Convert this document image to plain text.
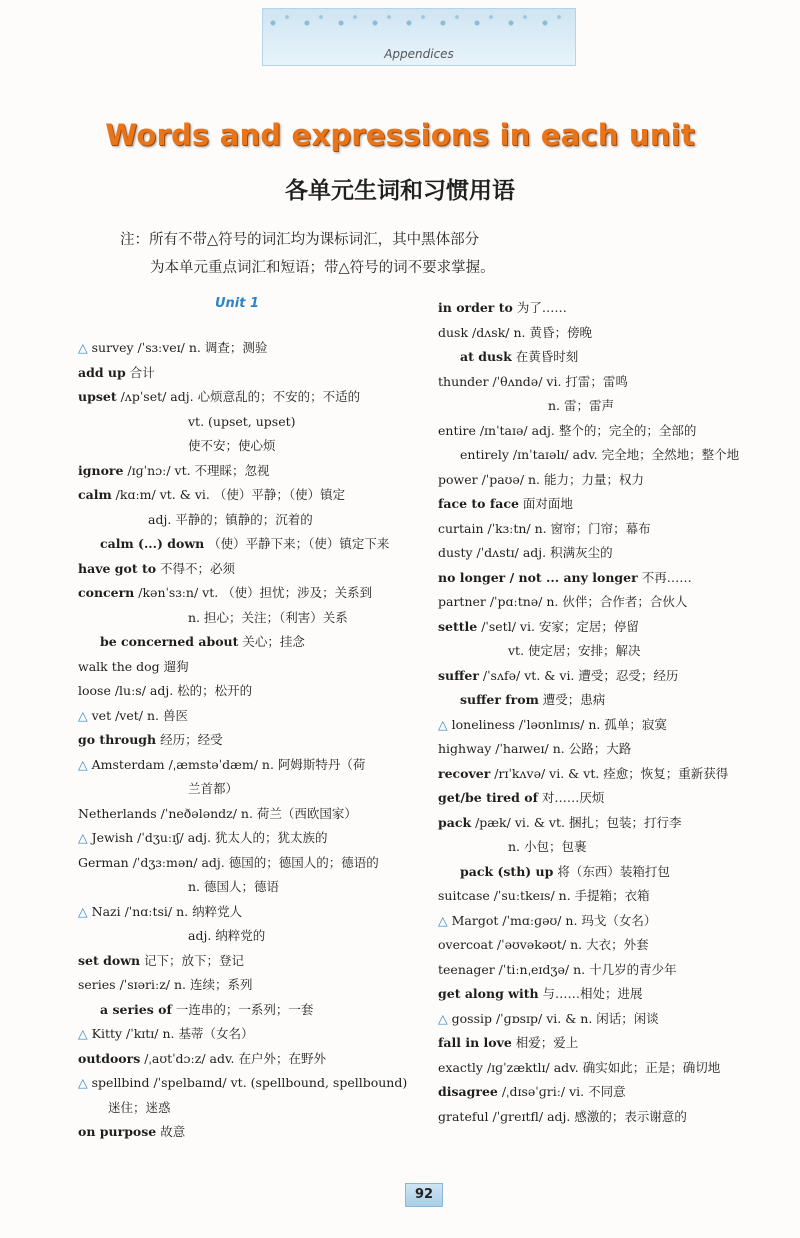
Appendices
Words and expressions in each unit
各单元生词和习惯用语
注：所有不带△符号的词汇均为课标词汇，其中黑体部分
为本单元重点词汇和短语；带△符号的词不要求掌握。
Unit 1
△ survey /ˈsɜːveɪ/ n. 调查；测验
add up 合计
upset /ʌpˈset/ adj. 心烦意乱的；不安的；不适的
vt. (upset, upset)
使不安；使心烦
ignore /ɪɡˈnɔː/ vt. 不理睬；忽视
calm /kɑːm/ vt. & vi. （使）平静；（使）镇定
adj. 平静的；镇静的；沉着的
calm (...) down （使）平静下来；（使）镇定下来
have got to 不得不；必须
concern /kənˈsɜːn/ vt. （使）担忧；涉及；关系到
n. 担心；关注；（利害）关系
be concerned about 关心；挂念
walk the dog 遛狗
loose /luːs/ adj. 松的；松开的
△ vet /vet/ n. 兽医
go through 经历；经受
△ Amsterdam /ˌæmstəˈdæm/ n. 阿姆斯特丹（荷
兰首都）
Netherlands /ˈneðələndz/ n. 荷兰（西欧国家）
△ Jewish /ˈdʒuːɪʃ/ adj. 犹太人的；犹太族的
German /ˈdʒɜːmən/ adj. 德国的；德国人的；德语的
n. 德国人；德语
△ Nazi /ˈnɑːtsi/ n. 纳粹党人
adj. 纳粹党的
set down 记下；放下；登记
series /ˈsɪəriːz/ n. 连续；系列
a series of 一连串的；一系列；一套
△ Kitty /ˈkɪtɪ/ n. 基蒂（女名）
outdoors /ˌaʊtˈdɔːz/ adv. 在户外；在野外
△ spellbind /ˈspelbaɪnd/ vt. (spellbound, spellbound)
迷住；迷惑
on purpose 故意
in order to 为了……
dusk /dʌsk/ n. 黄昏；傍晚
at dusk 在黄昏时刻
thunder /ˈθʌndə/ vi. 打雷；雷鸣
n. 雷；雷声
entire /ɪnˈtaɪə/ adj. 整个的；完全的；全部的
entirely /ɪnˈtaɪəlɪ/ adv. 完全地；全然地；整个地
power /ˈpaʊə/ n. 能力；力量；权力
face to face 面对面地
curtain /ˈkɜːtn/ n. 窗帘；门帘；幕布
dusty /ˈdʌstɪ/ adj. 积满灰尘的
no longer / not ... any longer 不再……
partner /ˈpɑːtnə/ n. 伙伴；合作者；合伙人
settle /ˈsetl/ vi. 安家；定居；停留
vt. 使定居；安排；解决
suffer /ˈsʌfə/ vt. & vi. 遭受；忍受；经历
suffer from 遭受；患病
△ loneliness /ˈləʊnlɪnɪs/ n. 孤单；寂寞
highway /ˈhaɪweɪ/ n. 公路；大路
recover /rɪˈkʌvə/ vi. & vt. 痊愈；恢复；重新获得
get/be tired of 对……厌烦
pack /pæk/ vi. & vt. 捆扎；包装；打行李
n. 小包；包裹
pack (sth) up 将（东西）装箱打包
suitcase /ˈsuːtkeɪs/ n. 手提箱；衣箱
△ Margot /ˈmɑːɡəʊ/ n. 玛戈（女名）
overcoat /ˈəʊvəkəʊt/ n. 大衣；外套
teenager /ˈtiːnˌeɪdʒə/ n. 十几岁的青少年
get along with 与……相处；进展
△ gossip /ˈɡɒsɪp/ vi. & n. 闲话；闲谈
fall in love 相爱；爱上
exactly /ɪɡˈzæktlɪ/ adv. 确实如此；正是；确切地
disagree /ˌdɪsəˈɡriː/ vi. 不同意
grateful /ˈɡreɪtfl/ adj. 感激的；表示谢意的
92
